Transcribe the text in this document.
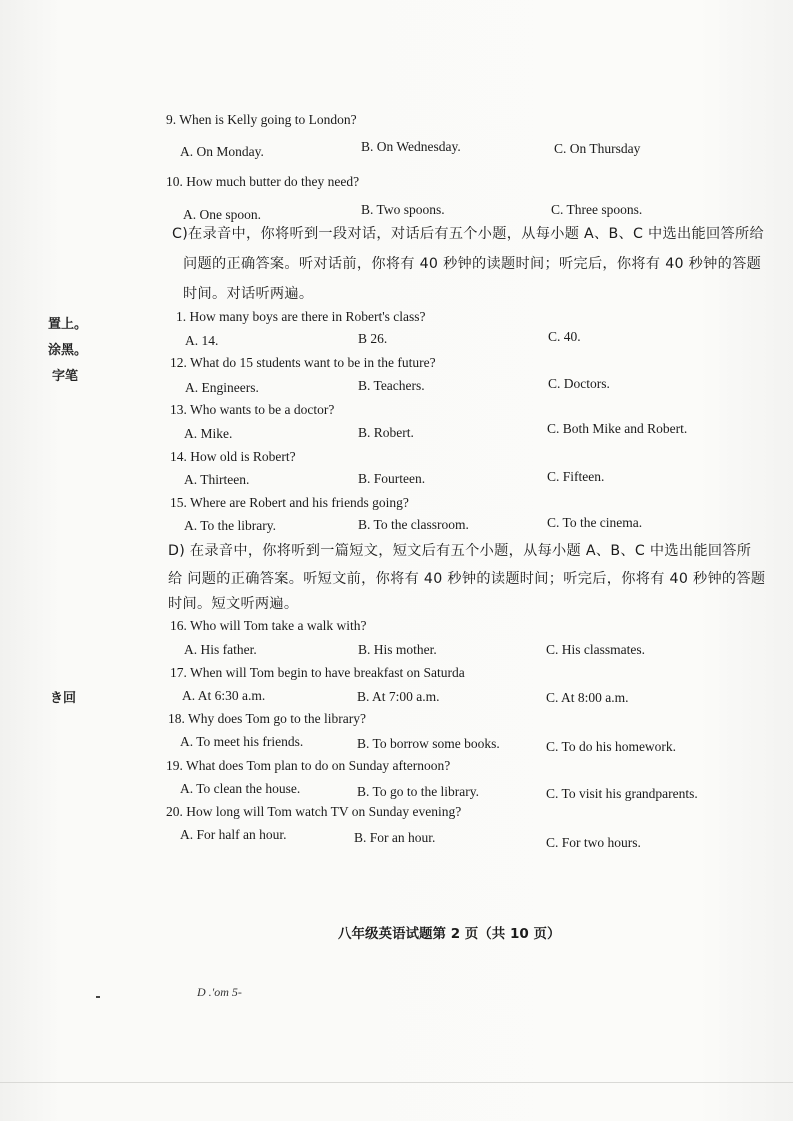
置上。
涂黑。
字笔
き回
9. When is Kelly going to London?
A. On Monday.	B. On Wednesday.	C. On Thursday
10. How much butter do they need?
A. One spoon.	B. Two spoons.	C. Three spoons.
C)在录音中，你将听到一段对话，对话后有五个小题，从每小题 A、B、C 中选出能回答所给
问题的正确答案。听对话前，你将有 40 秒钟的读题时间；听完后，你将有 40 秒钟的答题
时间。对话听两遍。
1. How many boys are there in Robert's class?
A. 14.	B 26.	C. 40.
12. What do 15 students want to be in the future?
A. Engineers.	B. Teachers.	C. Doctors.
13. Who wants to be a doctor?
A. Mike.	B. Robert.	C. Both Mike and Robert.
14. How old is Robert?
A. Thirteen.	B. Fourteen.	C. Fifteen.
15. Where are Robert and his friends going?
A. To the library.	B. To the classroom.	C. To the cinema.
D) 在录音中，你将听到一篇短文，短文后有五个小题，从每小题 A、B、C 中选出能回答所
给 问题的正确答案。听短文前，你将有 40 秒钟的读题时间；听完后，你将有 40 秒钟的答题
时间。短文听两遍。
16. Who will Tom take a walk with?
A. His father.	B. His mother.	C. His classmates.
17. When will Tom begin to have breakfast on Saturda
A. At 6:30 a.m.	B. At 7:00 a.m.	C. At 8:00 a.m.
18. Why does Tom go to the library?
A. To meet his friends.	B. To borrow some books.	C. To do his homework.
19. What does Tom plan to do on Sunday afternoon?
A. To clean the house.	B. To go to the library.	C. To visit his grandparents.
20. How long will Tom watch TV on Sunday evening?
A. For half an hour.	B. For an hour.	C. For two hours.
八年级英语试题第 2 页（共 10 页）
D .'om 5-
